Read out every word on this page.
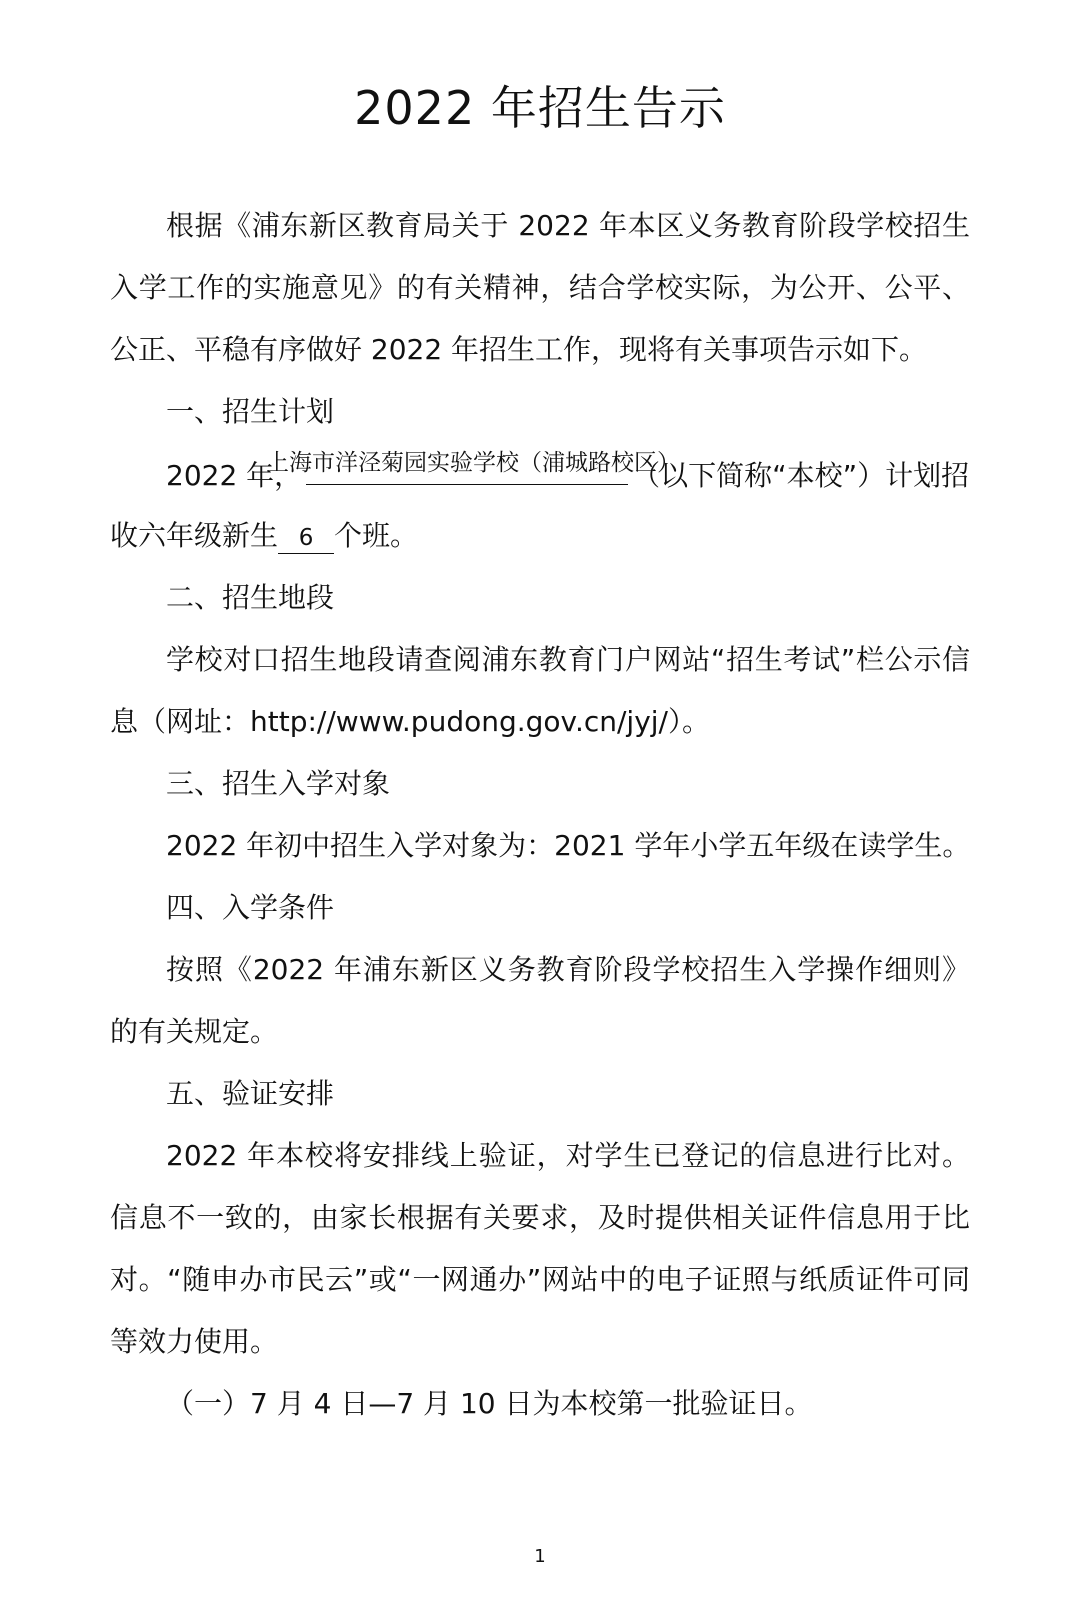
2022 年招生告示
根据《浦东新区教育局关于 2022 年本区义务教育阶段学校招生
入学工作的实施意见》的有关精神，结合学校实际，为公开、公平、
公正、平稳有序做好 2022 年招生工作，现将有关事项告示如下。
一、招生计划
上海市洋泾菊园实验学校（浦城路校区）
2022 年，	（以下简称“本校”）计划招
收六年级新生 6 个班。
二、招生地段
学校对口招生地段请查阅浦东教育门户网站“招生考试”栏公示信
息（网址：http://www.pudong.gov.cn/jyj/）。
三、招生入学对象
2022 年初中招生入学对象为：2021 学年小学五年级在读学生。
四、入学条件
按照《2022 年浦东新区义务教育阶段学校招生入学操作细则》
的有关规定。
五、验证安排
2022 年本校将安排线上验证，对学生已登记的信息进行比对。
信息不一致的，由家长根据有关要求，及时提供相关证件信息用于比
对。“随申办市民云”或“一网通办”网站中的电子证照与纸质证件可同
等效力使用。
（一）7 月 4 日—7 月 10 日为本校第一批验证日。
1
